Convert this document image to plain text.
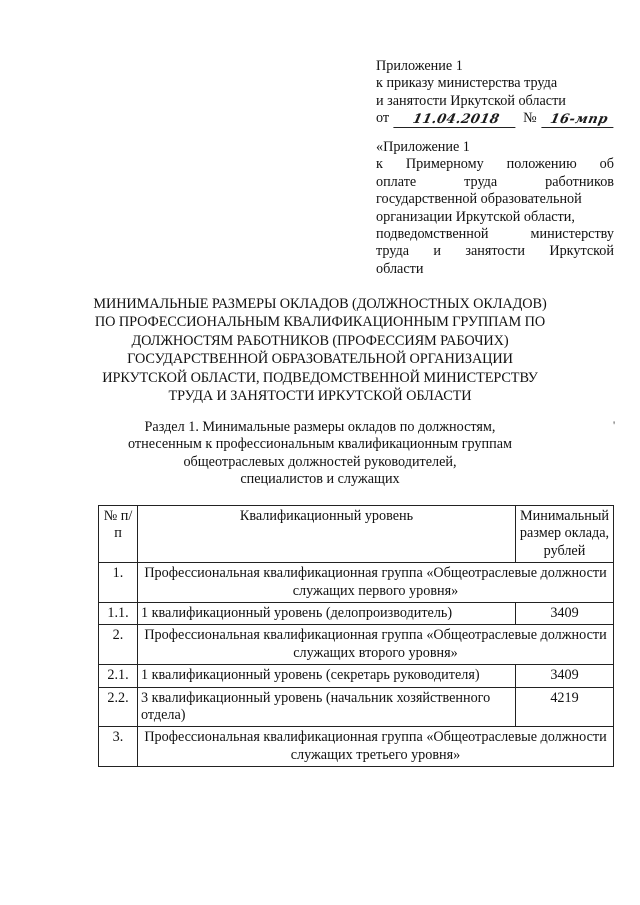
Приложение 1
к приказу министерства труда
и занятости Иркутской области
от	11.04.2018	№ 16-мпр
«Приложение 1
к Примерному положению об
оплате труда работников
государственной образовательной
организации Иркутской области,
подведомственной министерству
труда и занятости Иркутской
области
МИНИМАЛЬНЫЕ РАЗМЕРЫ ОКЛАДОВ (ДОЛЖНОСТНЫХ ОКЛАДОВ)
ПО ПРОФЕССИОНАЛЬНЫМ КВАЛИФИКАЦИОННЫМ ГРУППАМ ПО
ДОЛЖНОСТЯМ РАБОТНИКОВ (ПРОФЕССИЯМ РАБОЧИХ)
ГОСУДАРСТВЕННОЙ ОБРАЗОВАТЕЛЬНОЙ ОРГАНИЗАЦИИ
ИРКУТСКОЙ ОБЛАСТИ, ПОДВЕДОМСТВЕННОЙ МИНИСТЕРСТВУ
ТРУДА И ЗАНЯТОСТИ ИРКУТСКОЙ ОБЛАСТИ
Раздел 1. Минимальные размеры окладов по должностям,
отнесенным к профессиональным квалификационным группам
общеотраслевых должностей руководителей,
специалистов и служащих
'
№ п/п	Квалификационный уровень	Минимальный размер оклада, рублей
1.	Профессиональная квалификационная группа «Общеотраслевые должности служащих первого уровня»	
1.1.	1 квалификационный уровень (делопроизводитель)	3409
2.	Профессиональная квалификационная группа «Общеотраслевые должности служащих второго уровня»	
2.1.	1 квалификационный уровень (секретарь руководителя)	3409
2.2.	3 квалификационный уровень (начальник хозяйственного отдела)	4219
3.	Профессиональная квалификационная группа «Общеотраслевые должности служащих третьего уровня»	
